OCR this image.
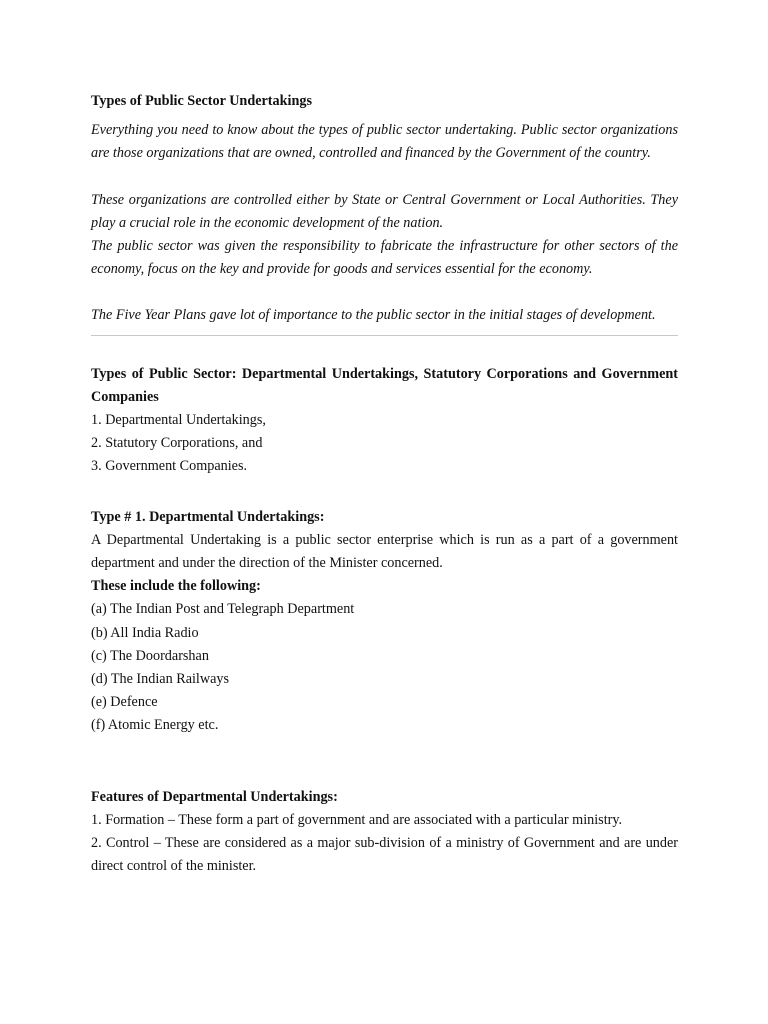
Types of Public Sector Undertakings

Everything you need to know about the types of public sector undertaking. Public sector organizations are those organizations that are owned, controlled and financed by the Government of the country.

These organizations are controlled either by State or Central Government or Local Authorities. They play a crucial role in the economic development of the nation.

The public sector was given the responsibility to fabricate the infrastructure for other sectors of the economy, focus on the key and provide for goods and services essential for the economy.

The Five Year Plans gave lot of importance to the public sector in the initial stages of development.

Types of Public Sector: Departmental Undertakings, Statutory Corporations and Government Companies

1. Departmental Undertakings,
2. Statutory Corporations, and
3. Government Companies.

Type # 1. Departmental Undertakings:

A Departmental Undertaking is a public sector enterprise which is run as a part of a government department and under the direction of the Minister concerned.

These include the following:

(a) The Indian Post and Telegraph Department
(b) All India Radio
(c) The Doordarshan
(d) The Indian Railways
(e) Defence
(f) Atomic Energy etc.

Features of Departmental Undertakings:

1. Formation – These form a part of government and are associated with a particular ministry.

2. Control – These are considered as a major sub-division of a ministry of Government and are under direct control of the minister.
